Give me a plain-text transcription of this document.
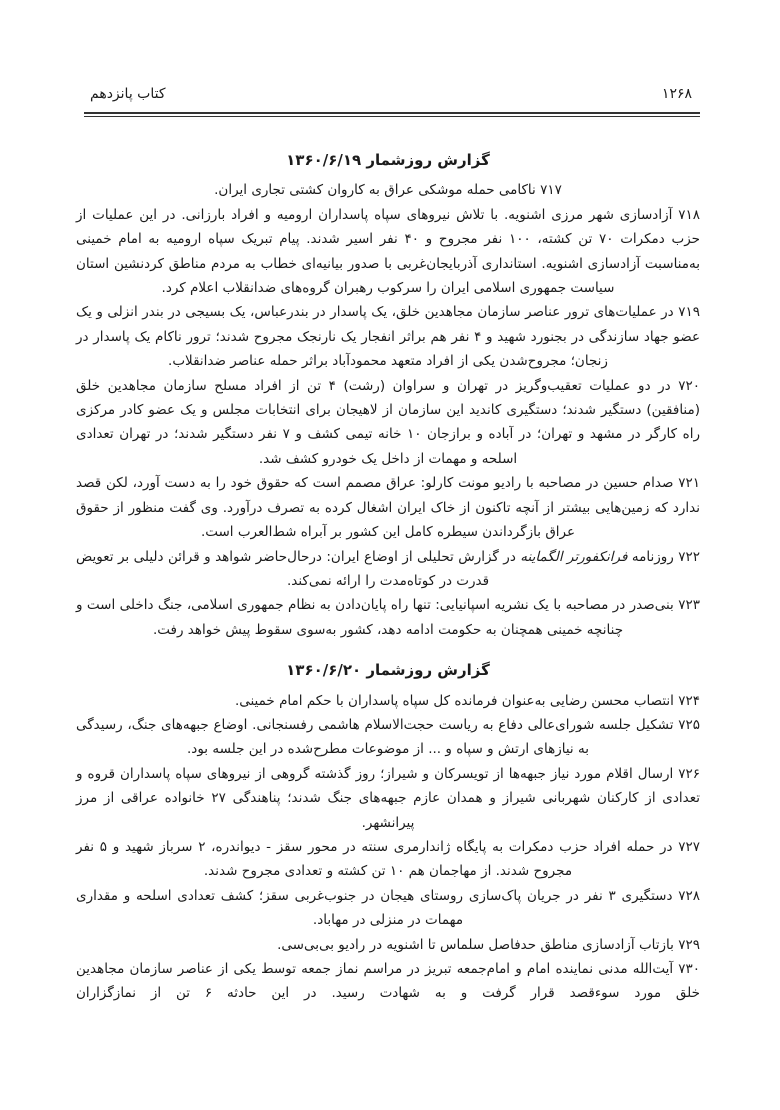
۱۲۶۸
کتاب پانزدهم
گزارش روزشمار ۱۳۶۰/۶/۱۹

۷۱۷ ناکامی حمله موشکی عراق به کاروان کشتی تجاری ایران.

۷۱۸ آزادسازی شهر مرزی اشنویه. با تلاش نیروهای سپاه پاسداران ارومیه و افراد بارزانی. در این عملیات از حزب دمکرات ۷۰ تن کشته، ۱۰۰ نفر مجروح و ۴۰ نفر اسیر شدند. پیام تبریک سپاه ارومیه به امام خمینی به‌مناسبت آزادسازی اشنویه. استانداری آذربایجان‌غربی با صدور بیانیه‌ای خطاب به مردم مناطق کردنشین استان سیاست جمهوری اسلامی ایران را سرکوب رهبران گروه‌های ضدانقلاب اعلام کرد.

۷۱۹ در عملیات‌های ترور عناصر سازمان مجاهدین خلق، یک پاسدار در بندرعباس، یک بسیجی در بندر انزلی و یک عضو جهاد سازندگی در بجنورد شهید و ۴ نفر هم براثر انفجار یک نارنجک مجروح شدند؛ ترور ناکام یک پاسدار در زنجان؛ مجروح‌شدن یکی از افراد متعهد محمودآباد براثر حمله عناصر ضدانقلاب.

۷۲۰ در دو عملیات تعقیب‌وگریز در تهران و سراوان (رشت) ۴ تن از افراد مسلح سازمان مجاهدین خلق (منافقین) دستگیر شدند؛ دستگیری کاندید این سازمان از لاهیجان برای انتخابات مجلس و یک عضو کادر مرکزی راه کارگر در مشهد و تهران؛ در آباده و برازجان ۱۰ خانه تیمی کشف و ۷ نفر دستگیر شدند؛ در تهران تعدادی اسلحه و مهمات از داخل یک خودرو کشف شد.

۷۲۱ صدام حسین در مصاحبه با رادیو مونت کارلو: عراق مصمم است که حقوق خود را به دست آورد، لکن قصد ندارد که زمین‌هایی بیشتر از آنچه تاکنون از خاک ایران اشغال کرده به تصرف درآورد. وی گفت منظور از حقوق عراق بازگرداندن سیطره کامل این کشور بر آبراه شط‌العرب است.

۷۲۲ روزنامه فرانکفورتر الگماینه در گزارش تحلیلی از اوضاع ایران: درحال‌حاضر شواهد و قرائن دلیلی بر تعویض قدرت در کوتاه‌مدت را ارائه نمی‌کند.

۷۲۳ بنی‌صدر در مصاحبه با یک نشریه اسپانیایی: تنها راه پایان‌دادن به نظام جمهوری اسلامی، جنگ داخلی است و چنانچه خمینی همچنان به حکومت ادامه دهد، کشور به‌سوی سقوط پیش خواهد رفت.

گزارش روزشمار ۱۳۶۰/۶/۲۰

۷۲۴ انتصاب محسن رضایی به‌عنوان فرمانده کل سپاه پاسداران با حکم امام خمینی.

۷۲۵ تشکیل جلسه شورای‌عالی دفاع به ریاست حجت‌الاسلام هاشمی رفسنجانی. اوضاع جبهه‌های جنگ، رسیدگی به نیازهای ارتش و سپاه و ... از موضوعات مطرح‌شده در این جلسه بود.

۷۲۶ ارسال اقلام مورد نیاز جبهه‌ها از تویسرکان و شیراز؛ روز گذشته گروهی از نیروهای سپاه پاسداران قروه و تعدادی از کارکنان شهربانی شیراز و همدان عازم جبهه‌های جنگ شدند؛ پناهندگی ۲۷ خانواده عراقی از مرز پیرانشهر.

۷۲۷ در حمله افراد حزب دمکرات به پایگاه ژاندارمری سنته در محور سقز - دیواندره، ۲ سرباز شهید و ۵ نفر مجروح شدند. از مهاجمان هم ۱۰ تن کشته و تعدادی مجروح شدند.

۷۲۸ دستگیری ۳ نفر در جریان پاک‌سازی روستای هیجان در جنوب‌غربی سقز؛ کشف تعدادی اسلحه و مقداری مهمات در منزلی در مهاباد.

۷۲۹ بازتاب آزادسازی مناطق حدفاصل سلماس تا اشنویه در رادیو بی‌بی‌سی.

۷۳۰ آیت‌الله مدنی نماینده امام و امام‌جمعه تبریز در مراسم نماز جمعه توسط یکی از عناصر سازمان مجاهدین خلق مورد سوءقصد قرار گرفت و به شهادت رسید. در این حادثه ۶ تن از نمازگزاران
